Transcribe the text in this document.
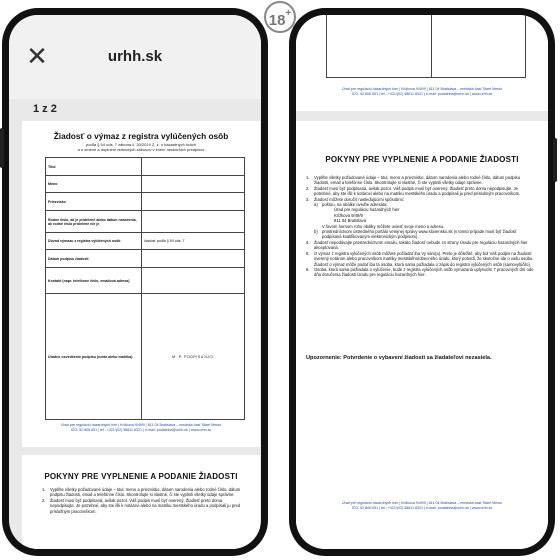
18+
✕	urhh.sk
1 z 2
Žiadosť o výmaz z registra vylúčených osôb
podľa § 54 ods. 7 zákona č. 30/2019 Z. z. o hazardných hrách
a o zmene a doplnení niektorých zákonov v znení neskorších predpisov
Titul	
Meno	
Priezvisko	
Rodné číslo, ak je pridelené alebo dátum narodenia, ak rodné číslo pridelené nie je	
Dôvod výmazu z registra vylúčených osôb	žiadosť podľa § 54 ods. 7
Dátum podpisu žiadosti	
Kontakt (napr. telefónne číslo, emailová adresa)	
Úradne osvedčenie podpisu (notár alebo matrika)	M. P. PODPISUJÚCI
Úrad pre reguláciu hazardných hier | Križkova 9/49/9 | 811 04 Bratislava – mestská časť Staré Mesto
IČO: 52 806 651 | tel.: +421/(02) 58811 8321 | e-mail: podatelna@urhh.sk | www.urhh.sk
POKYNY PRE VYPLNENIE A PODANIE ŽIADOSTI
1.	Vyplňte všetky požadované údaje – titul, meno a priezvisko, dátum narodenia alebo rodné číslo, dátum podpisu žiadosti, email a telefónne číslo. Skontrolujte si vlastné, či ste vyplnili všetky údaje správne.
2.	Žiadosť musí byť podpísaná, avšak pozor. Váš podpis musí byť overený. Žiadosť preto doma nepodpisujte. Je potrebné, aby ste išli k notárovi alebo na matriku mestského úradu a podpísali ju pred príslušným pracovníkom.
Úrad pre reguláciu hazardných hier | Križkova 9/49/9 | 811 04 Bratislava – mestská časť Staré Mesto
IČO: 52 806 651 | tel.: +421/(02) 58811 8321 | e-mail: podatelna@urhh.sk | www.urhh.sk
POKYNY PRE VYPLNENIE A PODANIE ŽIADOSTI
1.	Vyplňte všetky požadované údaje – titul, meno a priezvisko, dátum narodenia alebo rodné číslo, dátum podpisu žiadosti, email a telefónne číslo. Skontrolujte si vlastné, či ste vyplnili všetky údaje správne.
2.	Žiadosť musí byť podpísaná, avšak pozor. Váš podpis musí byť overený. Žiadosť preto doma nepodpisujte. Je potrebné, aby ste išli k notárovi alebo na matriku mestského úradu a podpísali ju pred príslušným pracovníkom.
3.	Žiadosť môžete doručiť nasledujúcimi spôsobmi:
a)	poštou, na obálke uveďte adresáta:
Úrad pre reguláciu hazardných hier
Križkova 9/49/9
811 04 Bratislava
V ľavom hornom rohu obálky môžete uviesť svoje meno a adresu.
b)	prostredníctvom ústredného portálu verejnej správy www.slovensko.sk (v tomto prípade musí byť žiadosť podpísaná kvalifikovaným elektronickým podpisom).
4.	Žiadosť nepodávajte prostredníctvom emailu, takáto žiadosť nebude zo strany Úradu pre reguláciu hazardných hier akceptovaná.
5.	O výmaz z registra vylúčených osôb môžete požiadať iba Vy sám(a). Preto je dôležité, aby bol Váš podpis na žiadosti overený notárom alebo pracovníkom matriky mestského/obecného úradu, ktorý potvrdí, že skutočne ide o vašu osobu. Žiadosť o výmaz môže podať iba tá osoba, ktorá sama požiadala o zápis do registra vylúčených osôb (samovylúčilo).
6.	Osoba, ktorá sama požiadala o vylúčenie, bude z registra vylúčených osôb vymazaná uplynutím 7 pracovných dní odo dňa doručenia žiadosti Úradu pre reguláciu hazardných hier.
Upozornenie: Potvrdenie o vybavení žiadosti sa žiadateľovi nezasiela.
Úrad pre reguláciu hazardných hier | Križkova 9/49/9 | 811 04 Bratislava – mestská časť Staré Mesto
IČO: 52 806 651 | tel.: +421/(02) 58811 8321 | e-mail: podatelna@urhh.sk | www.urhh.sk
